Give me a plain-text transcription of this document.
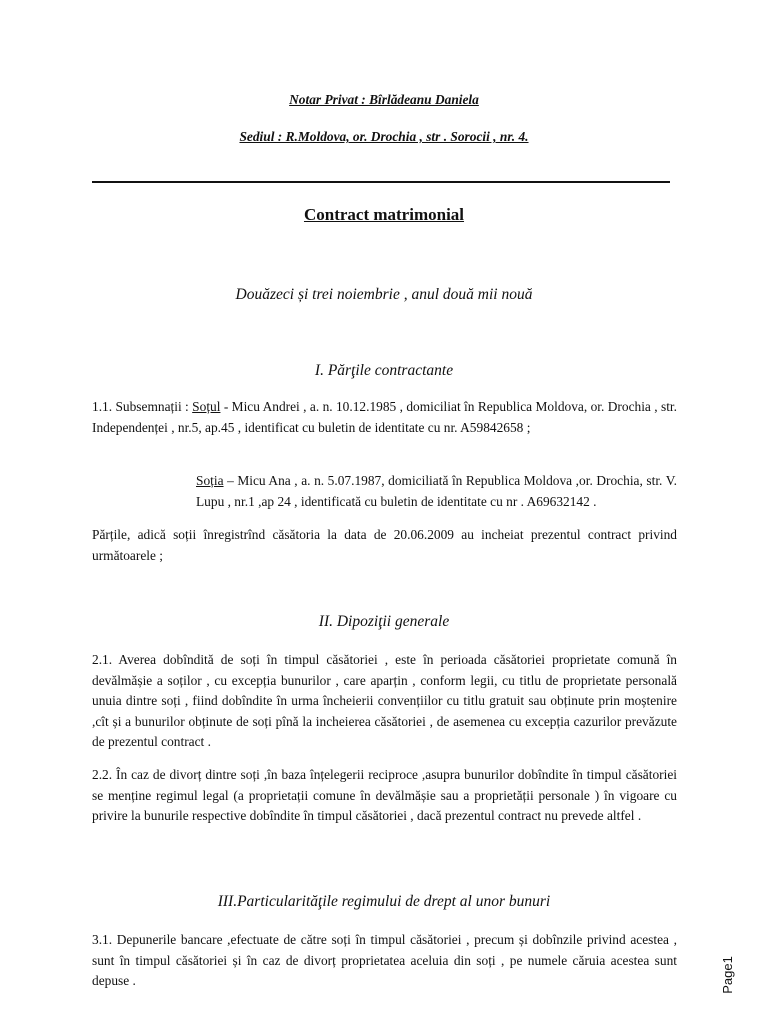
Notar Privat : Bîrlădeanu Daniela
Sediul : R.Moldova, or. Drochia , str . Sorocii , nr. 4.
Contract matrimonial
Douăzeci și trei noiembrie , anul două mii nouă
I. Părţile contractante

1.1. Subsemnații : Soțul - Micu Andrei , a. n. 10.12.1985 , domiciliat în Republica Moldova, or. Drochia , str. Independenței , nr.5, ap.45 , identificat cu buletin de identitate cu nr. A59842658 ;

Soția – Micu Ana , a. n. 5.07.1987, domiciliată în Republica Moldova ,or. Drochia, str. V. Lupu , nr.1 ,ap 24 , identificată cu buletin de identitate cu nr . A69632142 .

Părțile, adică soții înregistrînd căsătoria la data de 20.06.2009 au incheiat prezentul contract privind următoarele ;

II. Dipoziţii generale

2.1. Averea dobîndită de soți în timpul căsătoriei , este în perioada căsătoriei proprietate comună în devălmășie a soților , cu excepția bunurilor , care aparțin , conform legii, cu titlu de proprietate personală unuia dintre soți , fiind dobîndite în urma încheierii convențiilor cu titlu gratuit sau obținute prin moștenire ,cît și a bunurilor obținute de soți pînă la incheierea căsătoriei , de asemenea cu excepția cazurilor prevăzute de prezentul contract .

2.2. În caz de divorț dintre soți ,în baza înțelegerii reciproce ,asupra bunurilor dobîndite în timpul căsătoriei se menține regimul legal (a proprietații comune în devălmășie sau a proprietății personale ) în vigoare cu privire la bunurile respective dobîndite în timpul căsătoriei , dacă prezentul contract nu prevede altfel .

III.Particularităţile regimului de drept al unor bunuri

3.1. Depunerile bancare ,efectuate de către soți în timpul căsătoriei , precum și dobînzile privind acestea , sunt în timpul căsătoriei și în caz de divorț proprietatea aceluia din soți , pe numele căruia acestea sunt depuse .	Page1
